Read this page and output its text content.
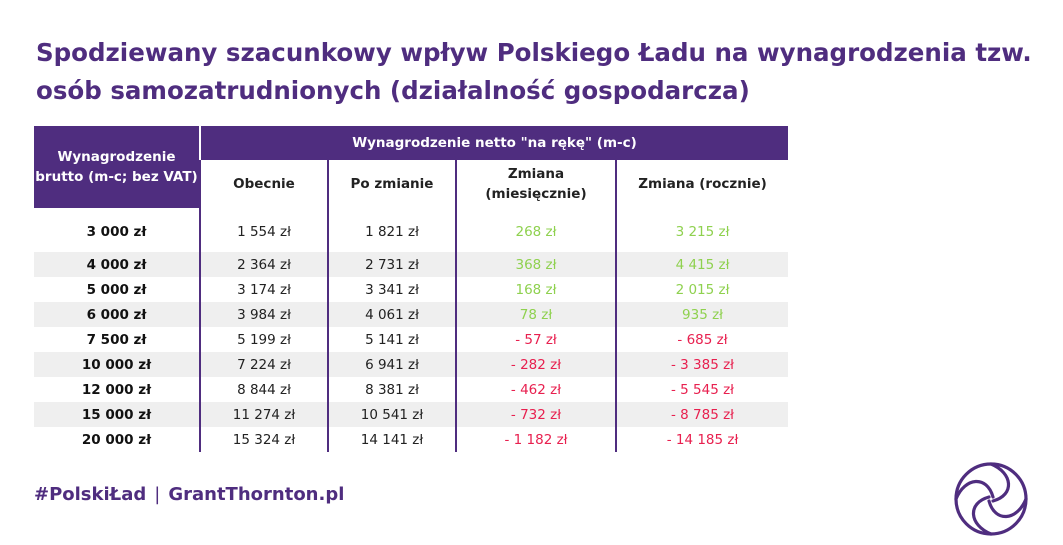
Spodziewany szacunkowy wpływ Polskiego Ładu na wynagrodzenia tzw. osób samozatrudnionych (działalność gospodarcza)
Wynagrodzenie brutto (m-c; bez VAT)	Wynagrodzenie netto "na rękę" (m-c)			
	Obecnie	Po zmianie	Zmiana (miesięcznie)	Zmiana (rocznie)
3 000 zł	1 554 zł	1 821 zł	268 zł	3 215 zł
4 000 zł	2 364 zł	2 731 zł	368 zł	4 415 zł
5 000 zł	3 174 zł	3 341 zł	168 zł	2 015 zł
6 000 zł	3 984 zł	4 061 zł	78 zł	935 zł
7 500 zł	5 199 zł	5 141 zł	- 57 zł	- 685 zł
10 000 zł	7 224 zł	6 941 zł	- 282 zł	- 3 385 zł
12 000 zł	8 844 zł	8 381 zł	- 462 zł	- 5 545 zł
15 000 zł	11 274 zł	10 541 zł	- 732 zł	- 8 785 zł
20 000 zł	15 324 zł	14 141 zł	- 1 182 zł	- 14 185 zł
#PolskiŁad | GrantThornton.pl
